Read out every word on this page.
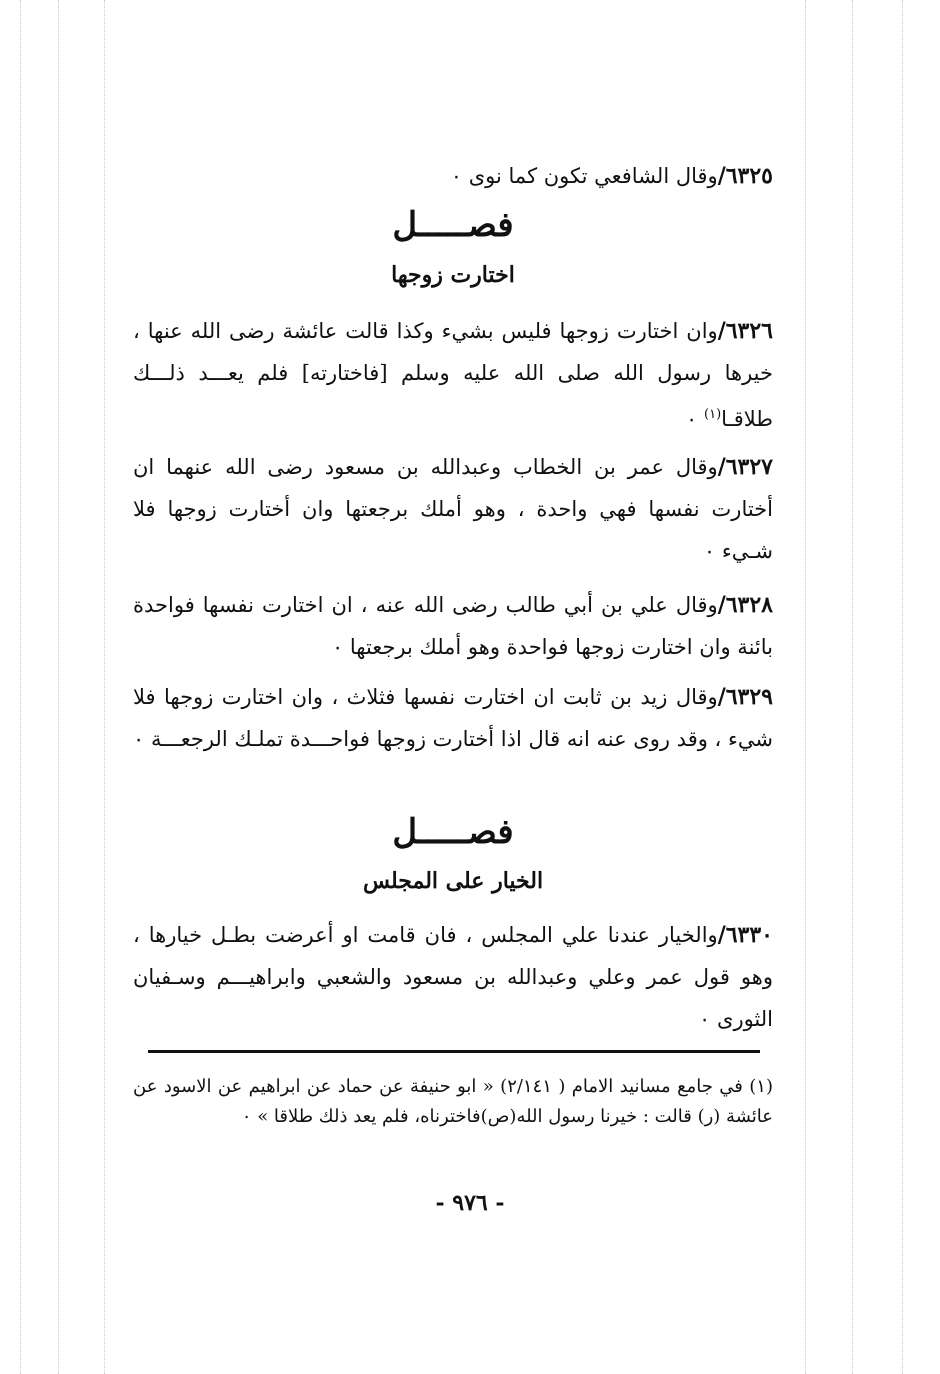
٦٣٢٥/وقال الشافعي تكون كما نوى ٠
فصـــــل
اختارت زوجها
٦٣٢٦/وان اختارت زوجها فليس بشيء وكذا قالت عائشة رضى الله عنها ، خيرها رسول الله صلى الله عليه وسلم [فاختارته] فلم يعـــد ذلـــك طلاقـا$^{(١)}$ ٠
٦٣٢٧/وقال عمر بن الخطاب وعبدالله بن مسعود رضى الله عنهما ان أختارت نفسها فهي واحدة ، وهو أملك برجعتها وان أختارت زوجها فلا شـيء ٠
٦٣٢٨/وقال علي بن أبي طالب رضى الله عنه ، ان اختارت نفسها فواحدة بائنة وان اختارت زوجها فواحدة وهو أملك برجعتها ٠
٦٣٢٩/وقال زيد بن ثابت ان اختارت نفسها فثلاث ، وان اختارت زوجها فلا شيء ، وقد روى عنه انه قال اذا أختارت زوجها فواحـــدة تملـك الرجعـــة ٠
فصـــــل
الخيار على المجلس
٦٣٣٠/والخيار عندنا علي المجلس ، فان قامت او أعرضت بطـل خيارها ، وهو قول عمر وعلي وعبدالله بن مسعود والشعبي وابراهيـــم وسـفيان الثورى ٠
(١) في جامع مسانيد الامام ( ٢/١٤١) « ابو حنيفة عن حماد عن ابراهيم عن الاسود عن عائشة (ر) قالت : خيرنا رسول الله(ص)فاخترناه، فلم يعد ذلك طلاقا » ٠
- ٩٧٦ -
